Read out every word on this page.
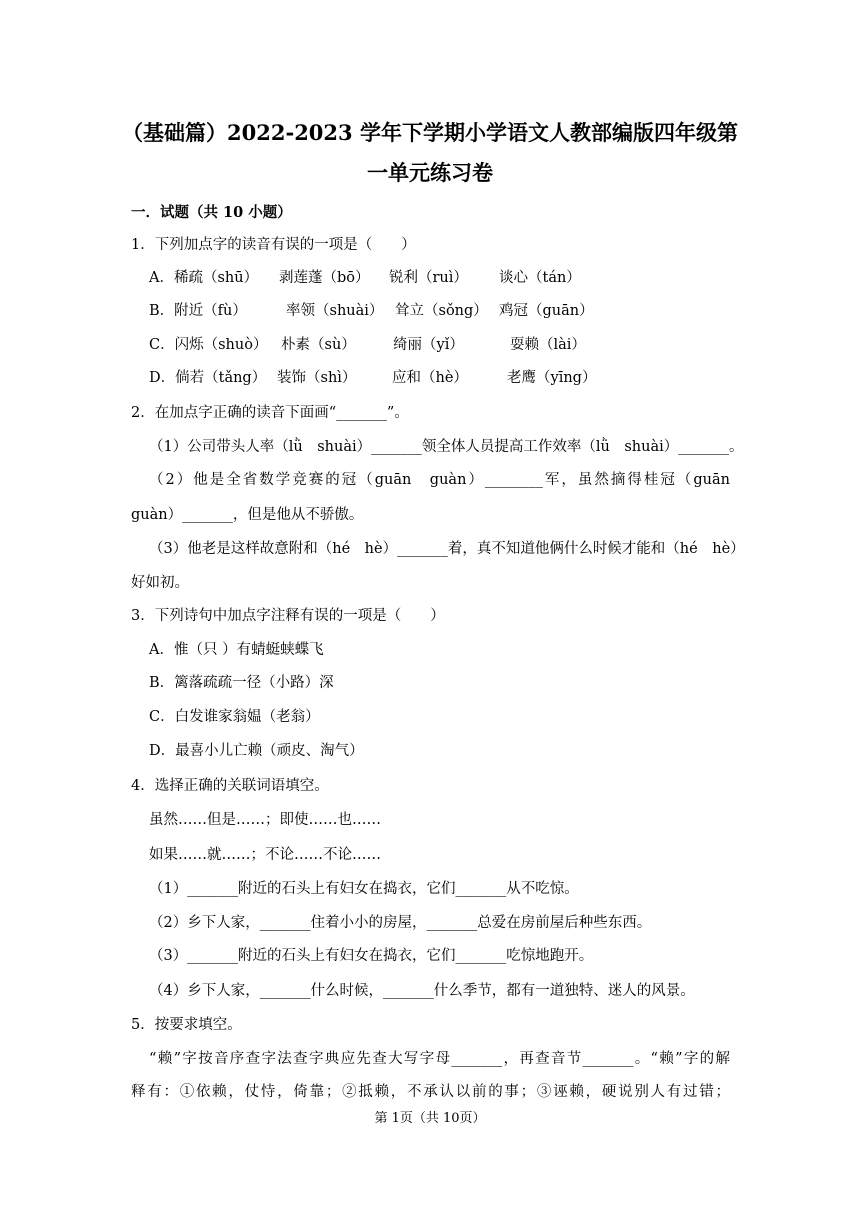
（基础篇）2022-2023 学年下学期小学语文人教部编版四年级第
一单元练习卷
一．试题（共 10 小题）
1．下列加点字的读音有误的一项是（　　）
A．稀疏（shū） 剥莲蓬（bō） 锐利（ruì） 谈心（tán）
B．附近（fù）	率领（shuài） 耸立（sǒng） 鸡冠（guān）
C．闪烁（shuò） 朴素（sù）	绮丽（yǐ）	耍赖（lài）
D．倘若（tǎng） 装饰（shì） 应和（hè）	老鹰（yīng）
2．在加点字正确的读音下面画“_______”。
（1）公司带头人率（lǜ　shuài）_______领全体人员提高工作效率（lǜ　shuài）_______。
（2）他是全省数学竞赛的冠（guān　guàn）________军，虽然摘得桂冠（guān
guàn）_______，但是他从不骄傲。
（3）他老是这样故意附和（hé　hè）_______着，真不知道他俩什么时候才能和（hé　hè）
好如初。
3．下列诗句中加点字注释有误的一项是（　　）
A．惟（只 ）有蜻蜓蛱蝶飞
B．篱落疏疏一径（小路）深
C．白发谁家翁媪（老翁）
D．最喜小儿亡赖（顽皮、淘气）
4．选择正确的关联词语填空。
虽然……但是……；即使……也……
如果……就……；不论……不论……
（1）_______附近的石头上有妇女在捣衣，它们_______从不吃惊。
（2）乡下人家，_______住着小小的房屋，_______总爱在房前屋后种些东西。
（3）_______附近的石头上有妇女在捣衣，它们_______吃惊地跑开。
（4）乡下人家，_______什么时候，_______什么季节，都有一道独特、迷人的风景。
5．按要求填空。
“赖”字按音序查字法查字典应先查大写字母_______，再查音节_______。“赖”字的解
释有：①依赖，仗恃，倚靠；②抵赖，不承认以前的事；③诬赖，硬说别人有过错；
第 1页（共 10页）
